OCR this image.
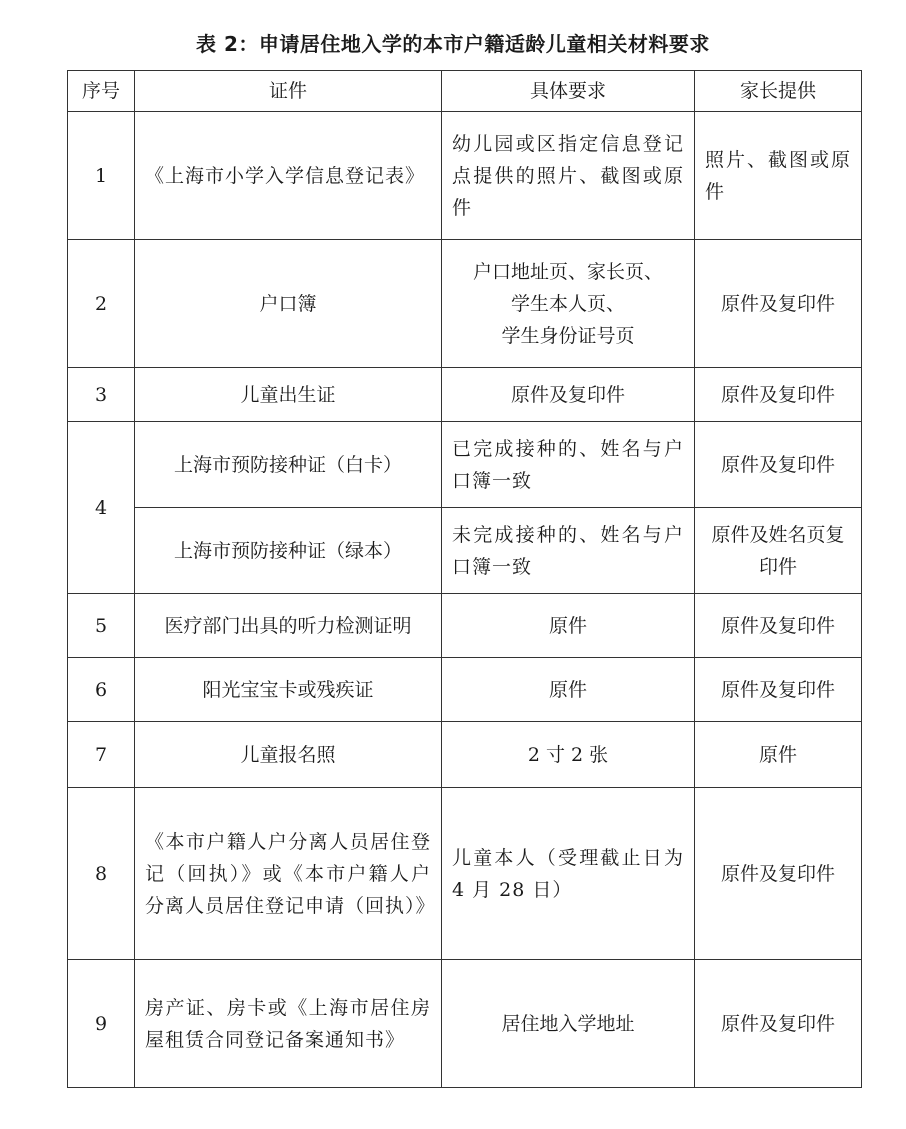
表 2：申请居住地入学的本市户籍适龄儿童相关材料要求
序号	证件	具体要求	家长提供
1	《上海市小学入学信息登记表》	幼儿园或区指定信息登记点提供的照片、截图或原件	照片、截图或原件
2	户口簿	户口地址页、家长页、
学生本人页、
学生身份证号页	原件及复印件
3	儿童出生证	原件及复印件	原件及复印件
4	上海市预防接种证（白卡）	已完成接种的、姓名与户口簿一致	原件及复印件
	上海市预防接种证（绿本）	未完成接种的、姓名与户口簿一致	原件及姓名页复印件
5	医疗部门出具的听力检测证明	原件	原件及复印件
6	阳光宝宝卡或残疾证	原件	原件及复印件
7	儿童报名照	2 寸 2 张	原件
8	《本市户籍人户分离人员居住登记（回执）》或《本市户籍人户分离人员居住登记申请（回执）》	儿童本人（受理截止日为 4 月 28 日）	原件及复印件
9	房产证、房卡或《上海市居住房屋租赁合同登记备案通知书》	居住地入学地址	原件及复印件
